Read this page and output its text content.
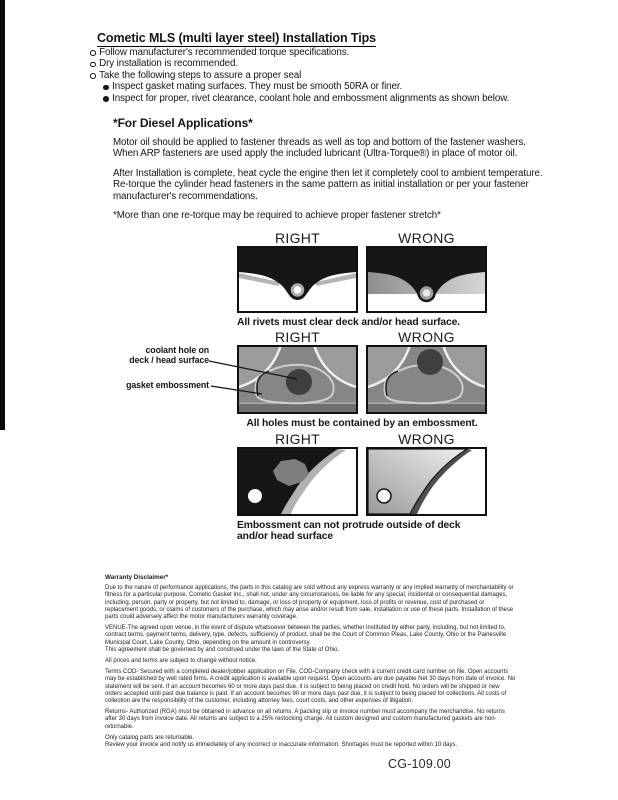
Cometic MLS (multi layer steel) Installation Tips
Follow manufacturer's recommended torque specifications.
Dry installation is recommended.
Take the following steps to assure a proper seal
Inspect gasket mating surfaces. They must be smooth 50RA or finer.
Inspect for proper, rivet clearance, coolant hole and embossment alignments as shown below.
*For Diesel Applications*

Motor oil should be applied to fastener threads as well as top and bottom of the fastener washers. When ARP fasteners are used apply the included lubricant (Ultra-Torque®) in place of motor oil.

After Installation is complete, heat cycle the engine then let it completely cool to ambient temperature. Re-torque the cylinder head fasteners in the same pattern as initial installation or per your fastener manufacturer's recommendations.

*More than one re-torque may be required to achieve proper fastener stretch*

RIGHT	WRONG
All rivets must clear deck and/or head surface.
RIGHT	WRONG
All holes must be contained by an embossment.
coolant hole on
deck / head surface
gasket embossment
RIGHT	WRONG
Embossment can not protrude outside of deck
and/or head surface

Warranty Disclaimer*

Due to the nature of performance applications, the parts in this catalog are sold without any express warranty or any implied warranty of merchantability or fitness for a particular purpose. Cometic Gasket Inc., shall not, under any circumstances, be liable for any special, incidental or consequential damages, including, person, party or property, but not limited to, damage, or loss of property or equipment, loss of profits or revenue, cost of purchased or replacement goods, or claims of customers of the purchase, which may arise and/or result from sale, installation or use of these parts. Installation of these parts could adversely affect the motor manufacturers warranty coverage.

VENUE-The agreed upon venue, in the event of dispute whatsoever between the parties, whether instituted by either party, including, but not limited to, contract terms, payment terms, delivery, type, defects, sufficiency of product, shall be the Court of Common Pleas, Lake County, Ohio or the Painesville Municipal Court, Lake County, Ohio, depending on the amount in controversy.

This agreement shall be governed by and construed under the laws of the State of Ohio.

All prices and terms are subject to change without notice.

Terms COD- Secured with a completed dealer/jobber application on File, COD-Company check with a current credit card number on file. Open accounts may be established by well rated firms. A credit application is available upon request. Open accounts are due payable Net 30 days from date of invoice. No statement will be sent. If an account becomes 60 or more days past due, it is subject to being placed on credit hold. No orders will be shipped or new orders accepted until past due balance is paid. If an account becomes 90 or more days past due, it is subject to being placed for collections. All costs of collection are the responsibility of the customer, including attorney fees, court costs, and other expenses of litigation.

Returns- Authorized (RGA) must be obtained in advance on all returns. A packing slip or invoice number must accompany the merchandise. No returns after 30 days from invoice date. All returns are subject to a 25% restocking charge. All custom designed and custom manufactured gaskets are non-returnable.

Only catalog parts are returnable.

Review your invoice and notify us immediately of any incorrect or inaccurate information. Shortages must be reported within 10 days.

CG-109.00
